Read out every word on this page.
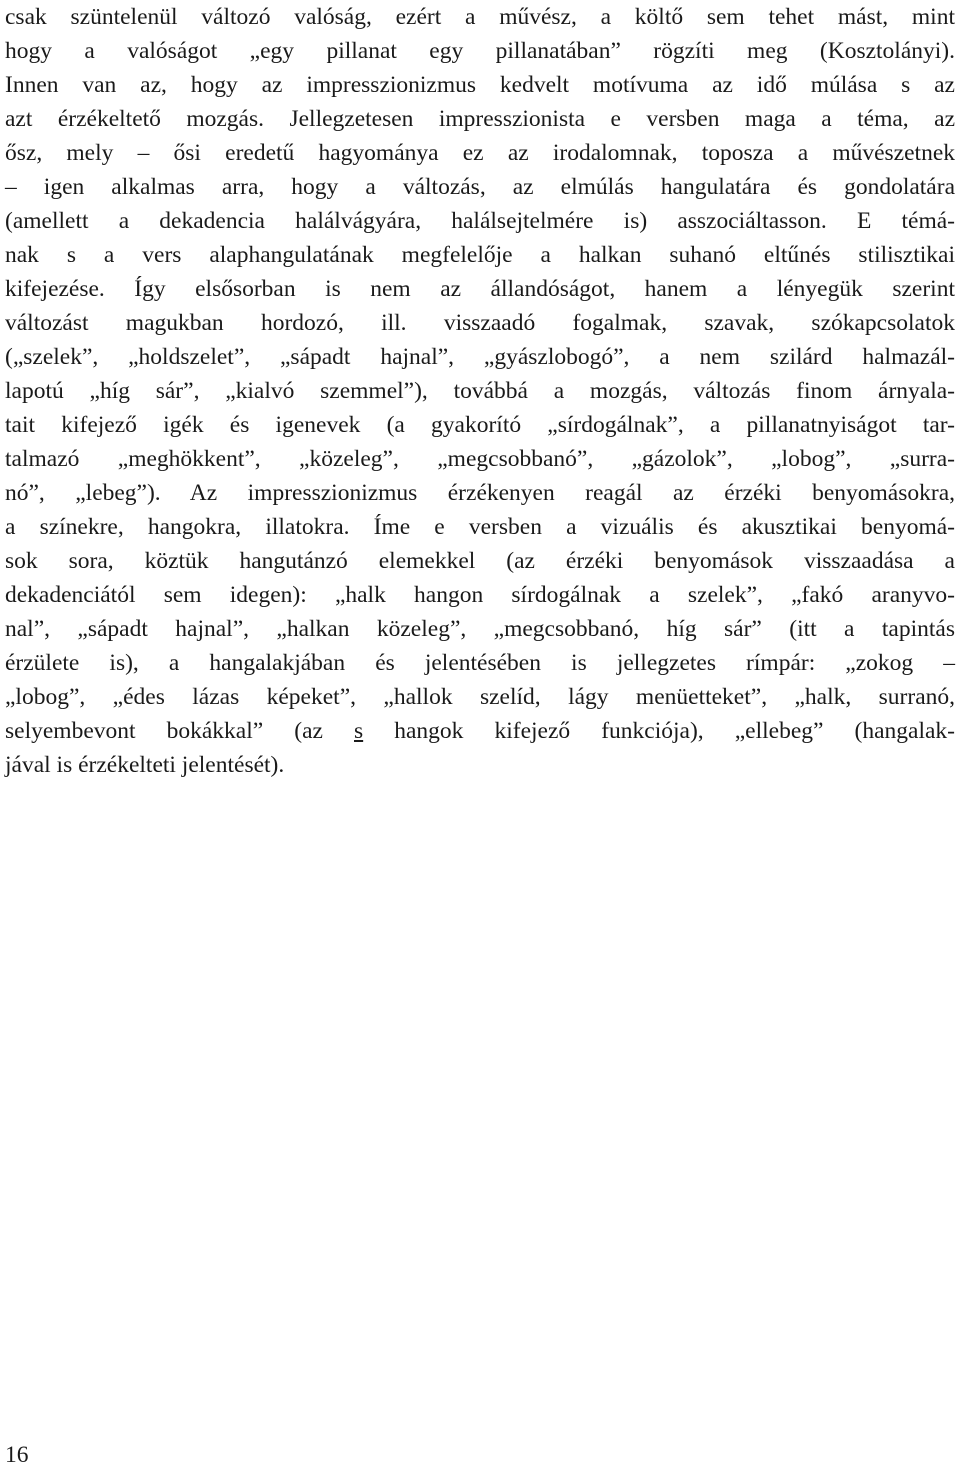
csak szüntelenül változó valóság, ezért a művész, a költő sem tehet mást, mint
hogy a valóságot „egy pillanat egy pillanatában” rögzíti meg (Kosztolányi).
Innen van az, hogy az impresszionizmus kedvelt motívuma az idő múlása s az
azt érzékeltető mozgás. Jellegzetesen impresszionista e versben maga a téma, az
ősz, mely – ősi eredetű hagyománya ez az irodalomnak, toposza a művészetnek
– igen alkalmas arra, hogy a változás, az elmúlás hangulatára és gondolatára
(amellett a dekadencia halálvágyára, halálsejtelmére is) asszociáltasson. E témá-
nak s a vers alaphangulatának megfelelője a halkan suhanó eltűnés stilisztikai
kifejezése. Így elsősorban is nem az állandóságot, hanem a lényegük szerint
változást magukban hordozó, ill. visszaadó fogalmak, szavak, szókapcsolatok
(„szelek”, „holdszelet”, „sápadt hajnal”, „gyászlobogó”, a nem szilárd halmazál-
lapotú „híg sár”, „kialvó szemmel”), továbbá a mozgás, változás finom árnyala-
tait kifejező igék és igenevek (a gyakorító „sírdogálnak”, a pillanatnyiságot tar-
talmazó „meghökkent”, „közeleg”, „megcsobbanó”, „gázolok”, „lobog”, „surra-
nó”, „lebeg”). Az impresszionizmus érzékenyen reagál az érzéki benyomásokra,
a színekre, hangokra, illatokra. Íme e versben a vizuális és akusztikai benyomá-
sok sora, köztük hangutánzó elemekkel (az érzéki benyomások visszaadása a
dekadenciától sem idegen): „halk hangon sírdogálnak a szelek”, „fakó aranyvo-
nal”, „sápadt hajnal”, „halkan közeleg”, „megcsobbanó, híg sár” (itt a tapintás
érzülete is), a hangalakjában és jelentésében is jellegzetes rímpár: „zokog –
„lobog”, „édes lázas képeket”, „hallok szelíd, lágy menüetteket”, „halk, surranó,
selyembevont bokákkal” (az s hangok kifejező funkciója), „ellebeg” (hangalak-
jával is érzékelteti jelentését).
16
